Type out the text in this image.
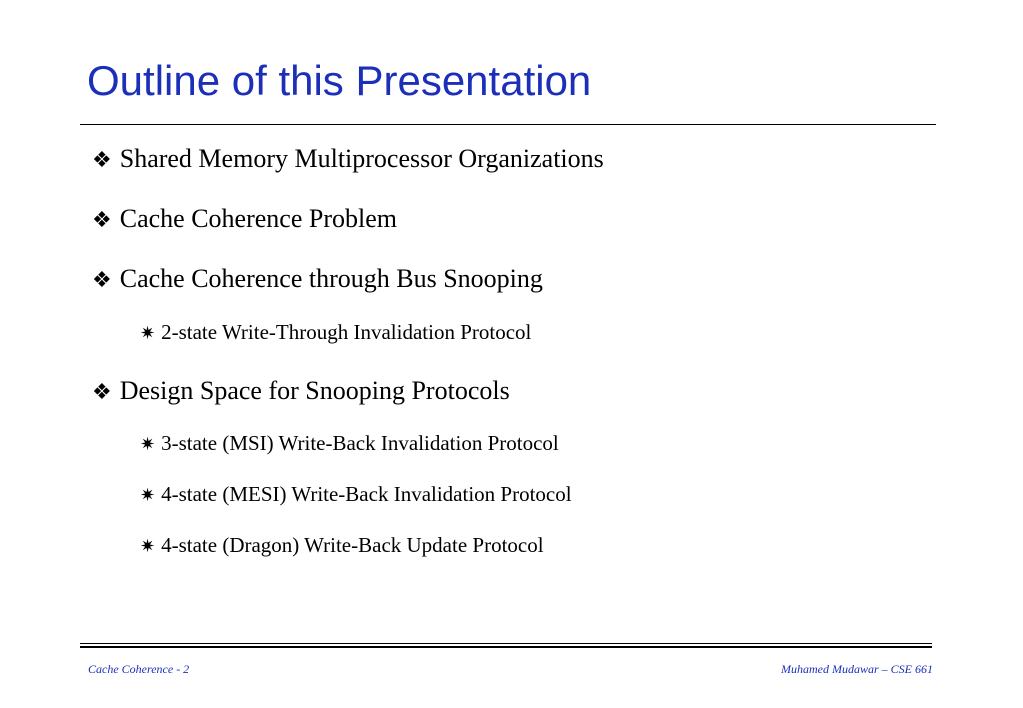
Outline of this Presentation
❖ Shared Memory Multiprocessor Organizations
❖ Cache Coherence Problem
❖ Cache Coherence through Bus Snooping
✷ 2-state Write-Through Invalidation Protocol
❖ Design Space for Snooping Protocols
✷ 3-state (MSI) Write-Back Invalidation Protocol
✷ 4-state (MESI) Write-Back Invalidation Protocol
✷ 4-state (Dragon) Write-Back Update Protocol
Cache Coherence - 2	Muhamed Mudawar – CSE 661
